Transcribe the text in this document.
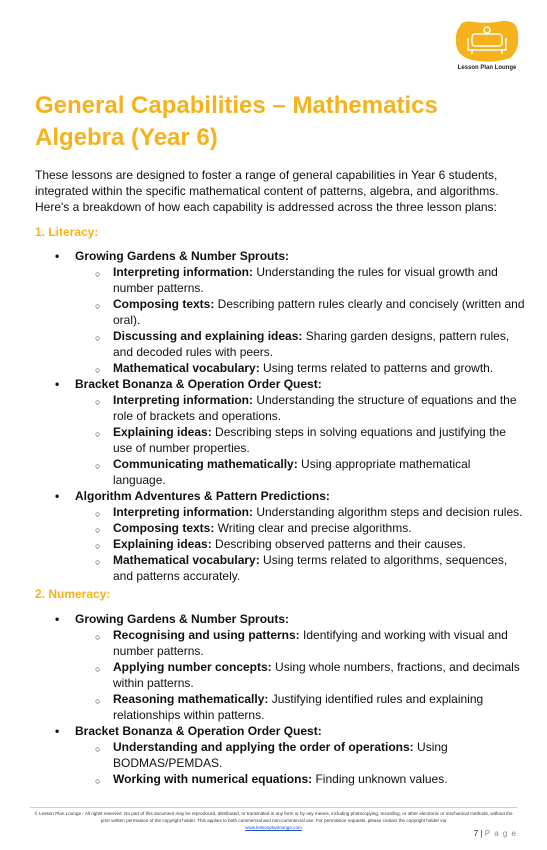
Lesson Plan Lounge
General Capabilities – Mathematics
Algebra (Year 6)

These lessons are designed to foster a range of general capabilities in Year 6 students, integrated within the specific mathematical content of patterns, algebra, and algorithms. Here's a breakdown of how each capability is addressed across the three lesson plans:

1. Literacy:
• Growing Gardens & Number Sprouts:
○ Interpreting information: Understanding the rules for visual growth and number patterns.
○ Composing texts: Describing pattern rules clearly and concisely (written and oral).
○ Discussing and explaining ideas: Sharing garden designs, pattern rules, and decoded rules with peers.
○ Mathematical vocabulary: Using terms related to patterns and growth.
• Bracket Bonanza & Operation Order Quest:
○ Interpreting information: Understanding the structure of equations and the role of brackets and operations.
○ Explaining ideas: Describing steps in solving equations and justifying the use of number properties.
○ Communicating mathematically: Using appropriate mathematical language.
• Algorithm Adventures & Pattern Predictions:
○ Interpreting information: Understanding algorithm steps and decision rules.
○ Composing texts: Writing clear and precise algorithms.
○ Explaining ideas: Describing observed patterns and their causes.
○ Mathematical vocabulary: Using terms related to algorithms, sequences, and patterns accurately.
2. Numeracy:
• Growing Gardens & Number Sprouts:
○ Recognising and using patterns: Identifying and working with visual and number patterns.
○ Applying number concepts: Using whole numbers, fractions, and decimals within patterns.
○ Reasoning mathematically: Justifying identified rules and explaining relationships within patterns.
• Bracket Bonanza & Operation Order Quest:
○ Understanding and applying the order of operations: Using BODMAS/PEMDAS.
○ Working with numerical equations: Finding unknown values.
© Lesson Plan Lounge - All rights reserved. No part of this document may be reproduced, distributed, or transmitted in any form or by any means, including photocopying, recording, or other electronic or mechanical methods, without the prior written permission of the copyright holder. This applies to both commercial and non-commercial use. For permission requests, please contact the copyright holder via
www.lessonplanlounge.com
7 | P a g e
